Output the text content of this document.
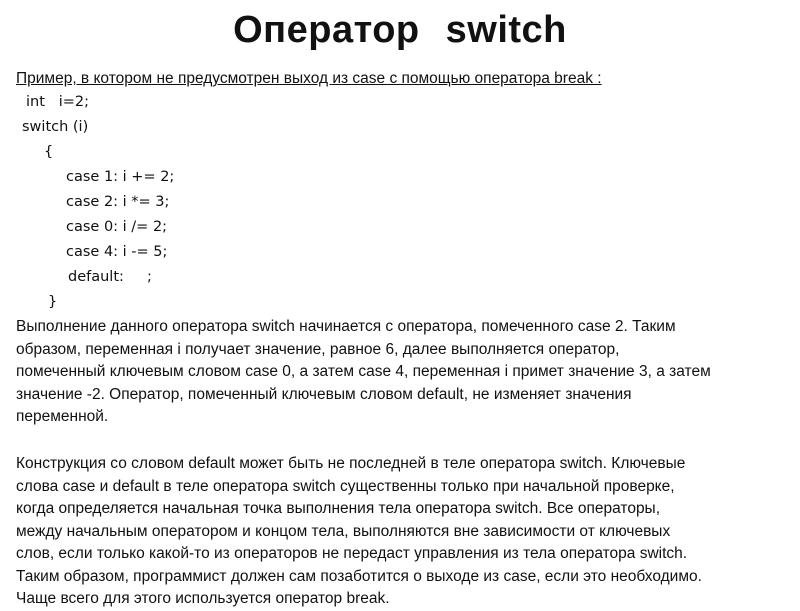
Оператор switch
Пример, в котором не предусмотрен выход из case с помощью оператора break :

int   i=2;

switch (i)

{

case 1: i += 2;

case 2: i *= 3;

case 0: i /= 2;

case 4: i -= 5;

default:     ;

}

Выполнение данного оператора switch начинается с оператора, помеченного case 2. Таким
образом, переменная i получает значение, равное 6, далее выполняется оператор,
помеченный ключевым словом case 0, а затем case 4, переменная i примет значение 3, а затем
значение -2. Оператор, помеченный ключевым словом default, не изменяет значения
переменной.
Конструкция со словом default может быть не последней в теле оператора switch. Ключевые
слова case и default в теле оператора switch существенны только при начальной проверке,
когда определяется начальная точка выполнения тела оператора switch. Все операторы,
между начальным оператором и концом тела, выполняются вне зависимости от ключевых
слов, если только какой-то из операторов не передаст управления из тела оператора switch.
Таким образом, программист должен сам позаботится о выходе из case, если это необходимо.
Чаще всего для этого используется оператор break.
